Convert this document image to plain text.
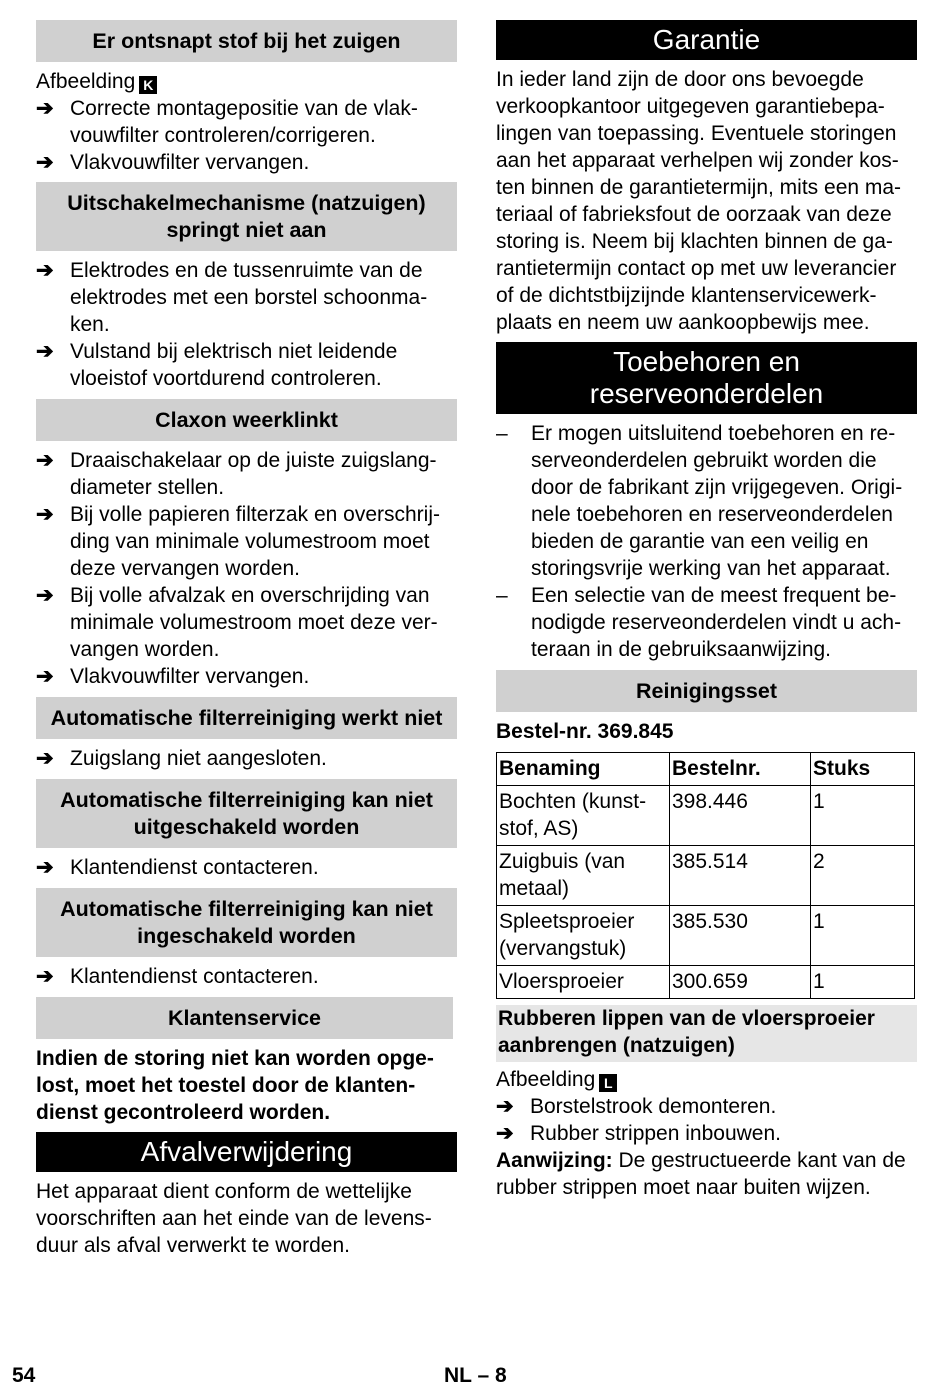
Er ontsnapt stof bij het zuigen
Afbeelding K
➔ Correcte montagepositie van de vlak-vouwfilter controleren/corrigeren.
➔ Vlakvouwfilter vervangen.
Uitschakelmechanisme (natzuigen) springt niet aan
➔ Elektrodes en de tussenruimte van de elektrodes met een borstel schoonma-ken.
➔ Vulstand bij elektrisch niet leidende vloeistof voortdurend controleren.
Claxon weerklinkt
➔ Draaischakelaar op de juiste zuigslang-diameter stellen.
➔ Bij volle papieren filterzak en overschrij-ding van minimale volumestroom moet deze vervangen worden.
➔ Bij volle afvalzak en overschrijding van minimale volumestroom moet deze ver-vangen worden.
➔ Vlakvouwfilter vervangen.
Automatische filterreiniging werkt niet
➔ Zuigslang niet aangesloten.
Automatische filterreiniging kan niet uitgeschakeld worden
➔ Klantendienst contacteren.
Automatische filterreiniging kan niet ingeschakeld worden
➔ Klantendienst contacteren.
Klantenservice
Indien de storing niet kan worden opge-lost, moet het toestel door de klanten-dienst gecontroleerd worden.
Afvalverwijdering
Het apparaat dient conform de wettelijke voorschriften aan het einde van de levens-duur als afval verwerkt te worden.
Garantie
In ieder land zijn de door ons bevoegde verkoopkantoor uitgegeven garantiebepa-lingen van toepassing. Eventuele storingen aan het apparaat verhelpen wij zonder kos-ten binnen de garantietermijn, mits een ma-teriaal of fabrieksfout de oorzaak van deze storing is. Neem bij klachten binnen de ga-rantietermijn contact op met uw leverancier of de dichtstbijzijnde klantenservicewerk-plaats en neem uw aankoopbewijs mee.
Toebehoren en reserveonderdelen
– Er mogen uitsluitend toebehoren en re-serveonderdelen gebruikt worden die door de fabrikant zijn vrijgegeven. Origi-nele toebehoren en reserveonderdelen bieden de garantie van een veilig en storingsvrije werking van het apparaat.
– Een selectie van de meest frequent be-nodigde reserveonderdelen vindt u ach-teraan in de gebruiksaanwijzing.
Reinigingsset
Bestel-nr. 369.845
Benaming	Bestelnr.	Stuks
Bochten (kunst-stof, AS)	398.446	1
Zuigbuis (van metaal)	385.514	2
Spleetsproeier (vervangstuk)	385.530	1
Vloersproeier	300.659	1
Rubberen lippen van de vloersproeier aanbrengen (natzuigen)
Afbeelding L
➔ Borstelstrook demonteren.
➔ Rubber strippen inbouwen.
Aanwijzing: De gestructueerde kant van de rubber strippen moet naar buiten wijzen.
54	NL – 8
